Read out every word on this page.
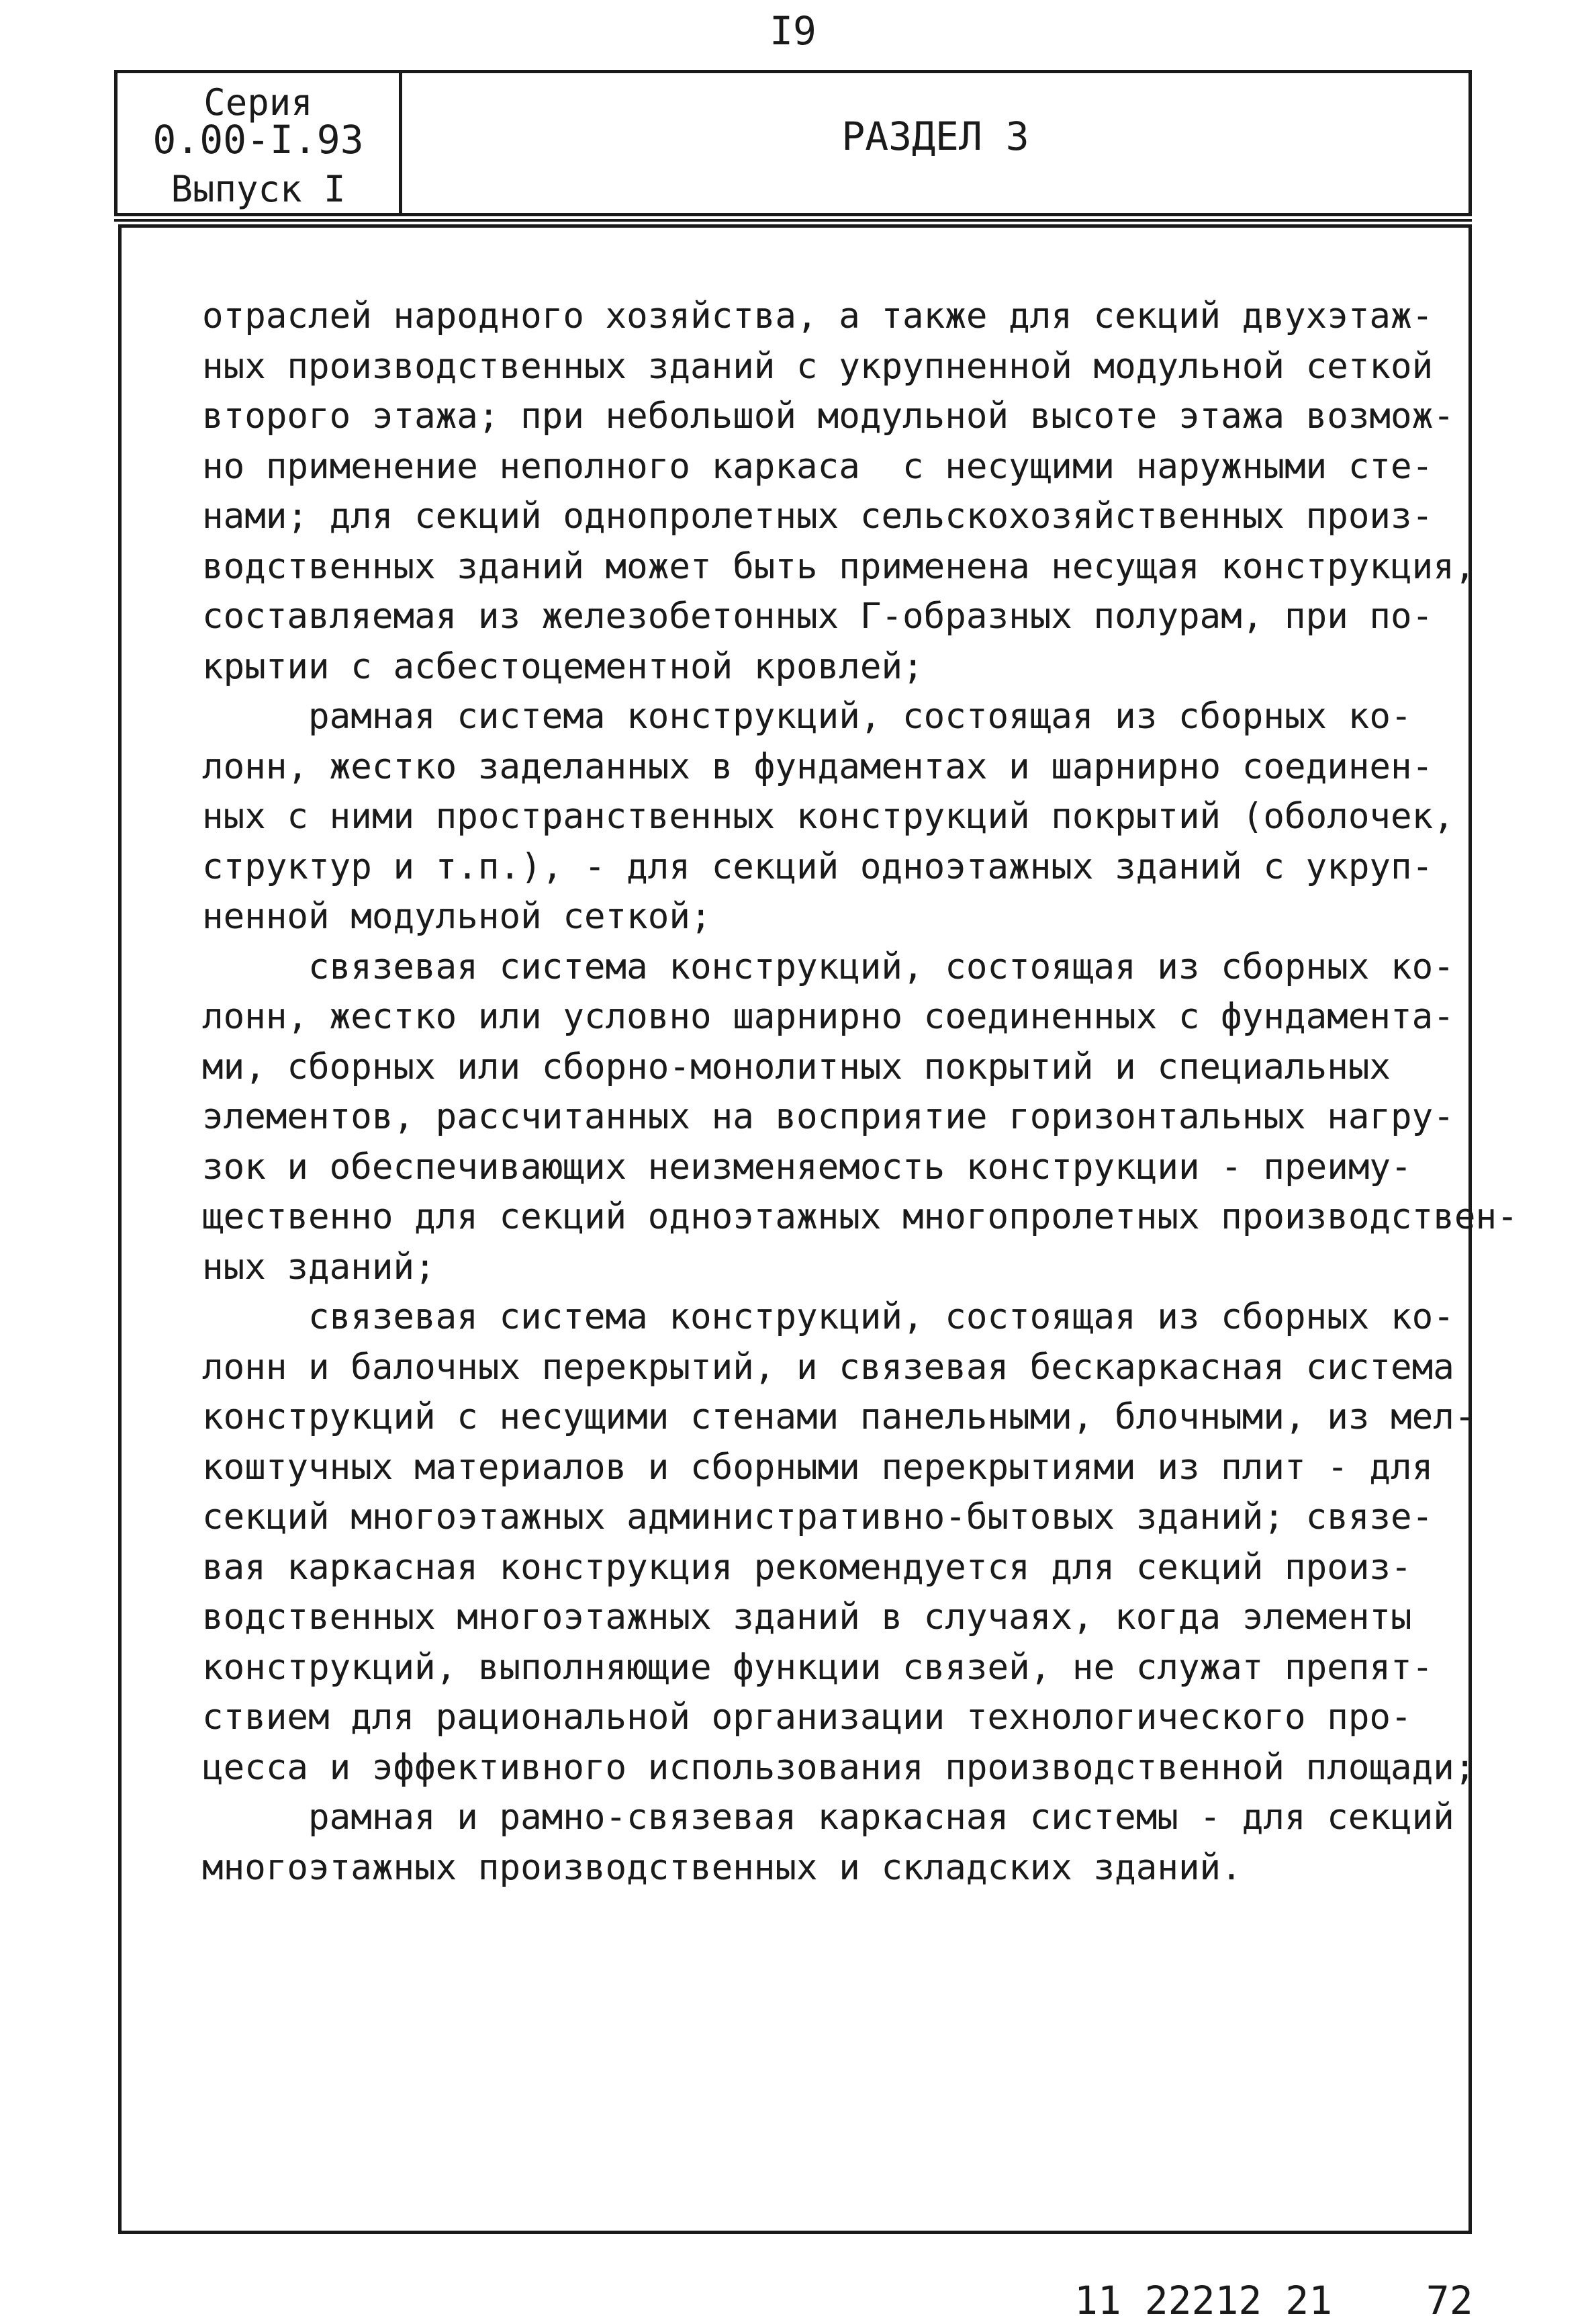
I9
Серия
0.00-I.93
Выпуск I
РАЗДЕЛ 3
отраслей народного хозяйства, а также для секций двухэтаж-
ных производственных зданий с укрупненной модульной сеткой
второго этажа; при небольшой модульной высоте этажа возмож-
но применение неполного каркаса  с несущими наружными сте-
нами; для секций однопролетных сельскохозяйственных произ-
водственных зданий может быть применена несущая конструкция,
составляемая из железобетонных Г-образных полурам, при по-
крытии с асбестоцементной кровлей;
рамная система конструкций, состоящая из сборных ко-
лонн, жестко заделанных в фундаментах и шарнирно соединен-
ных с ними пространственных конструкций покрытий (оболочек,
структур и т.п.), - для секций одноэтажных зданий с укруп-
ненной модульной сеткой;
связевая система конструкций, состоящая из сборных ко-
лонн, жестко или условно шарнирно соединенных с фундамента-
ми, сборных или сборно-монолитных покрытий и специальных
элементов, рассчитанных на восприятие горизонтальных нагру-
зок и обеспечивающих неизменяемость конструкции - преиму-
щественно для секций одноэтажных многопролетных производствен-
ных зданий;
связевая система конструкций, состоящая из сборных ко-
лонн и балочных перекрытий, и связевая бескаркасная система
конструкций с несущими стенами панельными, блочными, из мел-
коштучных материалов и сборными перекрытиями из плит - для
секций многоэтажных административно-бытовых зданий; связе-
вая каркасная конструкция рекомендуется для секций произ-
водственных многоэтажных зданий в случаях, когда элементы
конструкций, выполняющие функции связей, не служат препят-
ствием для рациональной организации технологического про-
цесса и эффективного использования производственной площади;
рамная и рамно-связевая каркасная системы - для секций
многоэтажных производственных и складских зданий.
11 22212 21    72
